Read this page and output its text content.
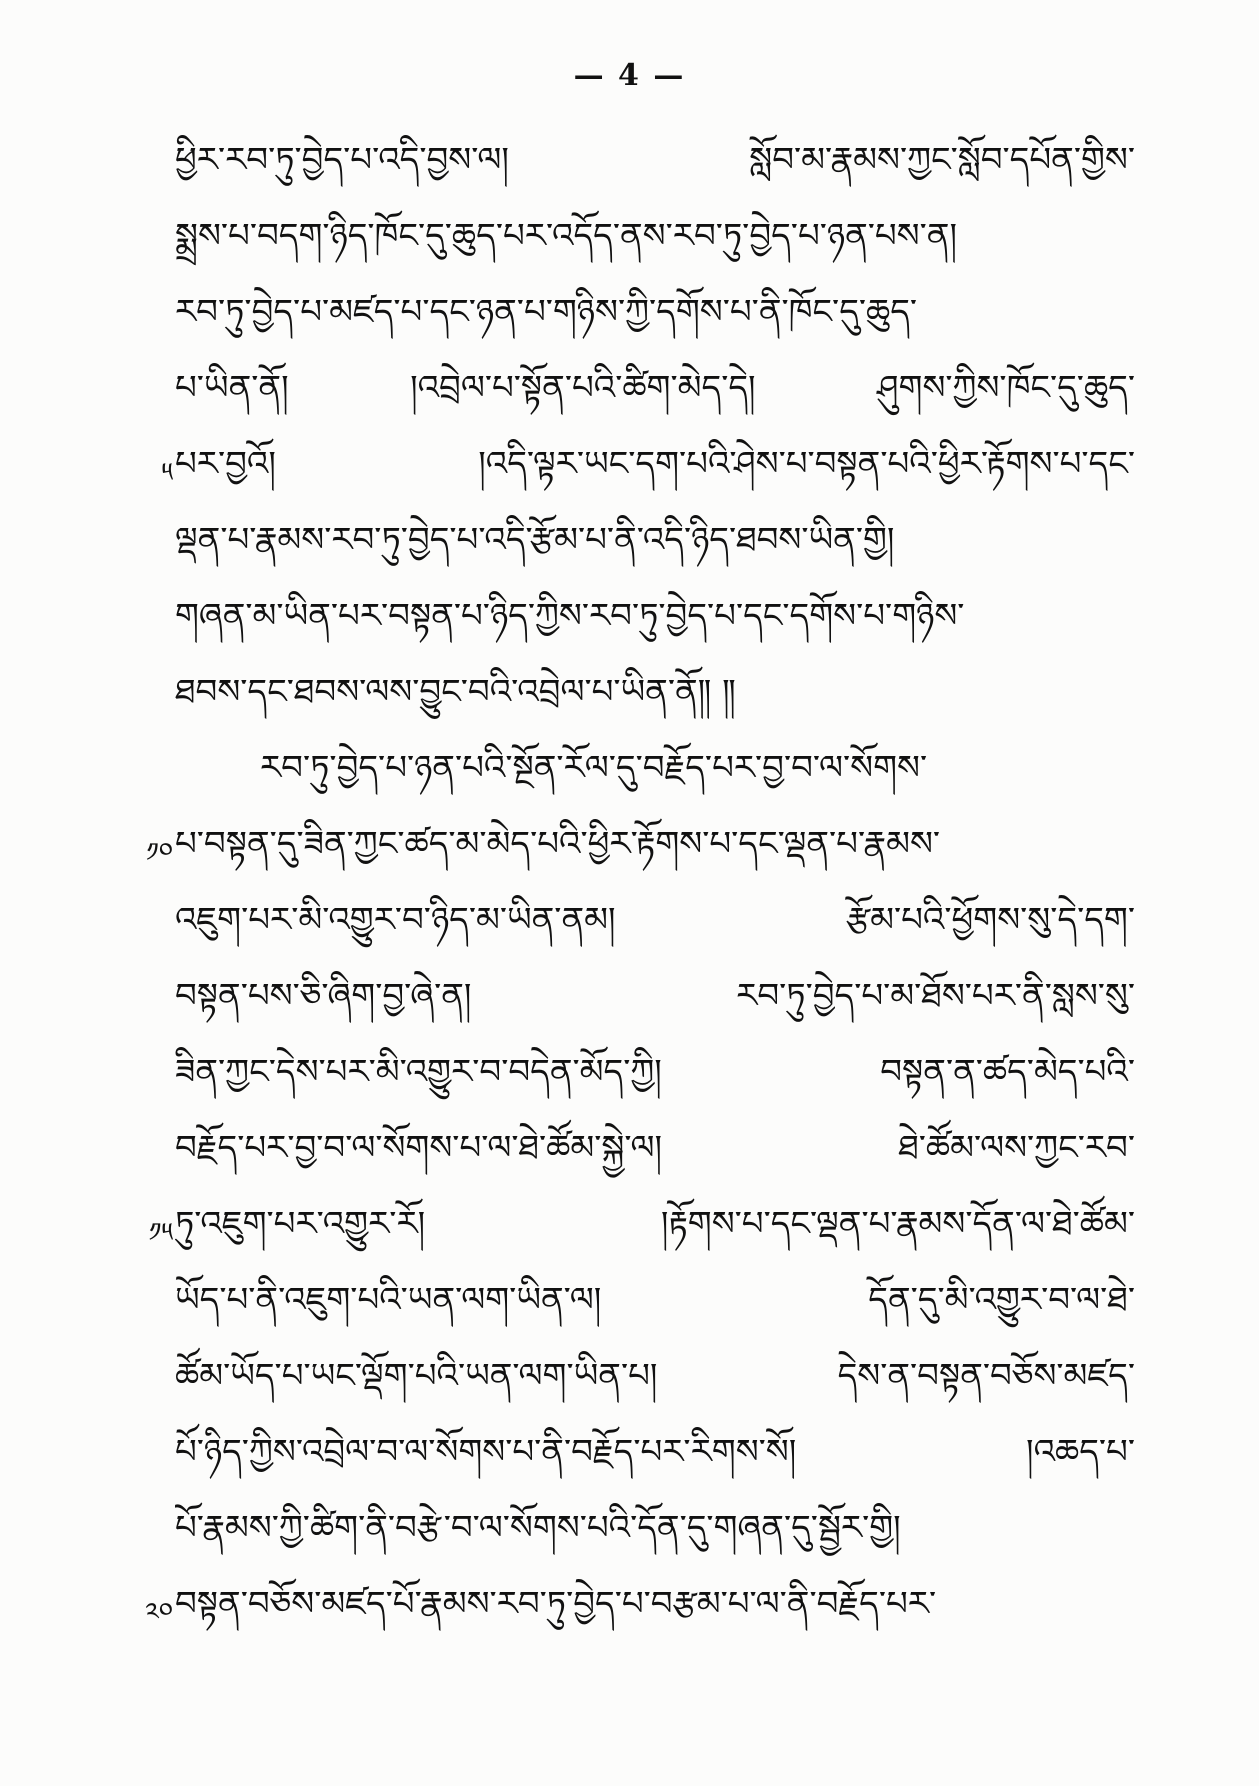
— 4 —
ཕྱིར་རབ་ཏུ་བྱེད་པ་འདི་བྱས་ལ། སློབ་མ་རྣམས་ཀྱང་སློབ་དཔོན་གྱིས་
སྨྲས་པ་བདག་ཉིད་ཁོང་དུ་ཆུད་པར་འདོད་ནས་རབ་ཏུ་བྱེད་པ་ཉན་པས་ན།
རབ་ཏུ་བྱེད་པ་མཛད་པ་དང་ཉན་པ་གཉིས་ཀྱི་དགོས་པ་ནི་ཁོང་དུ་ཆུད་
པ་ཡིན་ནོ། །འབྲེལ་པ་སྟོན་པའི་ཚིག་མེད་དེ། ཤུགས་ཀྱིས་ཁོང་དུ་ཆུད་
༥ པར་བྱའོ། །འདི་ལྟར་ཡང་དག་པའི་ཤེས་པ་བསྟན་པའི་ཕྱིར་རྟོགས་པ་དང་
ལྡན་པ་རྣམས་རབ་ཏུ་བྱེད་པ་འདི་རྩོམ་པ་ནི་འདི་ཉིད་ཐབས་ཡིན་གྱི།
གཞན་མ་ཡིན་པར་བསྟན་པ་ཉིད་ཀྱིས་རབ་ཏུ་བྱེད་པ་དང་དགོས་པ་གཉིས་
ཐབས་དང་ཐབས་ལས་བྱུང་བའི་འབྲེལ་པ་ཡིན་ནོ༎ ༎
རབ་ཏུ་བྱེད་པ་ཉན་པའི་སྔོན་རོལ་དུ་བརྗོད་པར་བྱ་བ་ལ་སོགས་
༡༠ པ་བསྟན་དུ་ཟིན་ཀྱང་ཚད་མ་མེད་པའི་ཕྱིར་རྟོགས་པ་དང་ལྡན་པ་རྣམས་
འཇུག་པར་མི་འགྱུར་བ་ཉིད་མ་ཡིན་ནམ། རྩོམ་པའི་ཕྱོགས་སུ་དེ་དག་
བསྟན་པས་ཅི་ཞིག་བྱ་ཞེ་ན། རབ་ཏུ་བྱེད་པ་མ་ཐོས་པར་ནི་སླས་སུ་
ཟིན་ཀྱང་དེས་པར་མི་འགྱུར་བ་བདེན་མོད་ཀྱི། བསྟན་ན་ཚད་མེད་པའི་
བརྗོད་པར་བྱ་བ་ལ་སོགས་པ་ལ་ཐེ་ཚོམ་སྐྱེ་ལ། ཐེ་ཚོམ་ལས་ཀྱང་རབ་
༡༥ ཏུ་འཇུག་པར་འགྱུར་རོ། །རྟོགས་པ་དང་ལྡན་པ་རྣམས་དོན་ལ་ཐེ་ཚོམ་
ཡོད་པ་ནི་འཇུག་པའི་ཡན་ལག་ཡིན་ལ། དོན་དུ་མི་འགྱུར་བ་ལ་ཐེ་
ཚོམ་ཡོད་པ་ཡང་ལྡོག་པའི་ཡན་ལག་ཡིན་པ། དེས་ན་བསྟན་བཅོས་མཛད་
པོ་ཉིད་ཀྱིས་འབྲེལ་བ་ལ་སོགས་པ་ནི་བརྗོད་པར་རིགས་སོ། །འཆད་པ་
པོ་རྣམས་ཀྱི་ཚིག་ནི་བརྩེ་བ་ལ་སོགས་པའི་དོན་དུ་གཞན་དུ་སྦྱོར་གྱི།
༢༠ བསྟན་བཅོས་མཛད་པོ་རྣམས་རབ་ཏུ་བྱེད་པ་བརྩམ་པ་ལ་ནི་བརྗོད་པར་
